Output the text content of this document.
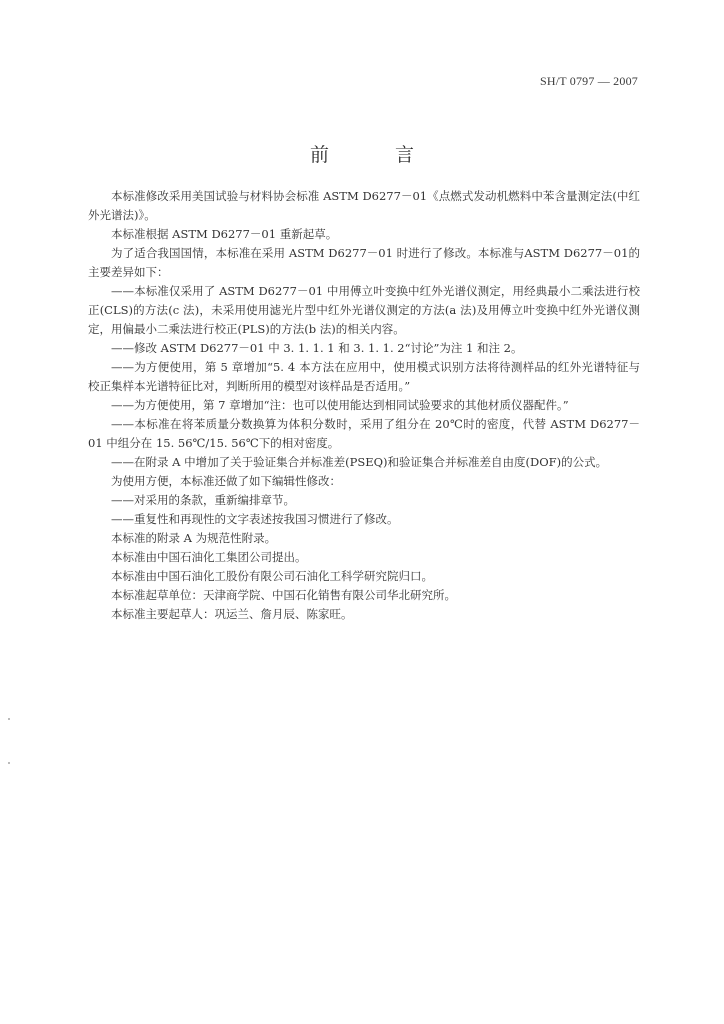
SH/T 0797 — 2007
前 言

本标准修改采用美国试验与材料协会标准 ASTM D6277－01《点燃式发动机燃料中苯含量测定法(中红外光谱法)》。

本标准根据 ASTM D6277－01 重新起草。

为了适合我国国情，本标准在采用 ASTM D6277－01 时进行了修改。本标准与ASTM D6277－01的主要差异如下：

——本标准仅采用了 ASTM D6277－01 中用傅立叶变换中红外光谱仪测定，用经典最小二乘法进行校正(CLS)的方法(c 法)，未采用使用滤光片型中红外光谱仪测定的方法(a 法)及用傅立叶变换中红外光谱仪测定，用偏最小二乘法进行校正(PLS)的方法(b 法)的相关内容。

——修改 ASTM D6277－01 中 3. 1. 1. 1 和 3. 1. 1. 2“讨论”为注 1 和注 2。

——为方便使用，第 5 章增加“5. 4 本方法在应用中，使用模式识别方法将待测样品的红外光谱特征与校正集样本光谱特征比对，判断所用的模型对该样品是否适用。”

——为方便使用，第 7 章增加“注：也可以使用能达到相同试验要求的其他材质仪器配件。”

——本标准在将苯质量分数换算为体积分数时，采用了组分在 20℃时的密度，代替 ASTM D6277－01 中组分在 15. 56℃/15. 56℃下的相对密度。

——在附录 A 中增加了关于验证集合并标准差(PSEQ)和验证集合并标准差自由度(DOF)的公式。

为使用方便，本标准还做了如下编辑性修改：

——对采用的条款，重新编排章节。

——重复性和再现性的文字表述按我国习惯进行了修改。

本标准的附录 A 为规范性附录。

本标准由中国石油化工集团公司提出。

本标准由中国石油化工股份有限公司石油化工科学研究院归口。

本标准起草单位：天津商学院、中国石化销售有限公司华北研究所。

本标准主要起草人：巩运兰、詹月辰、陈家旺。
